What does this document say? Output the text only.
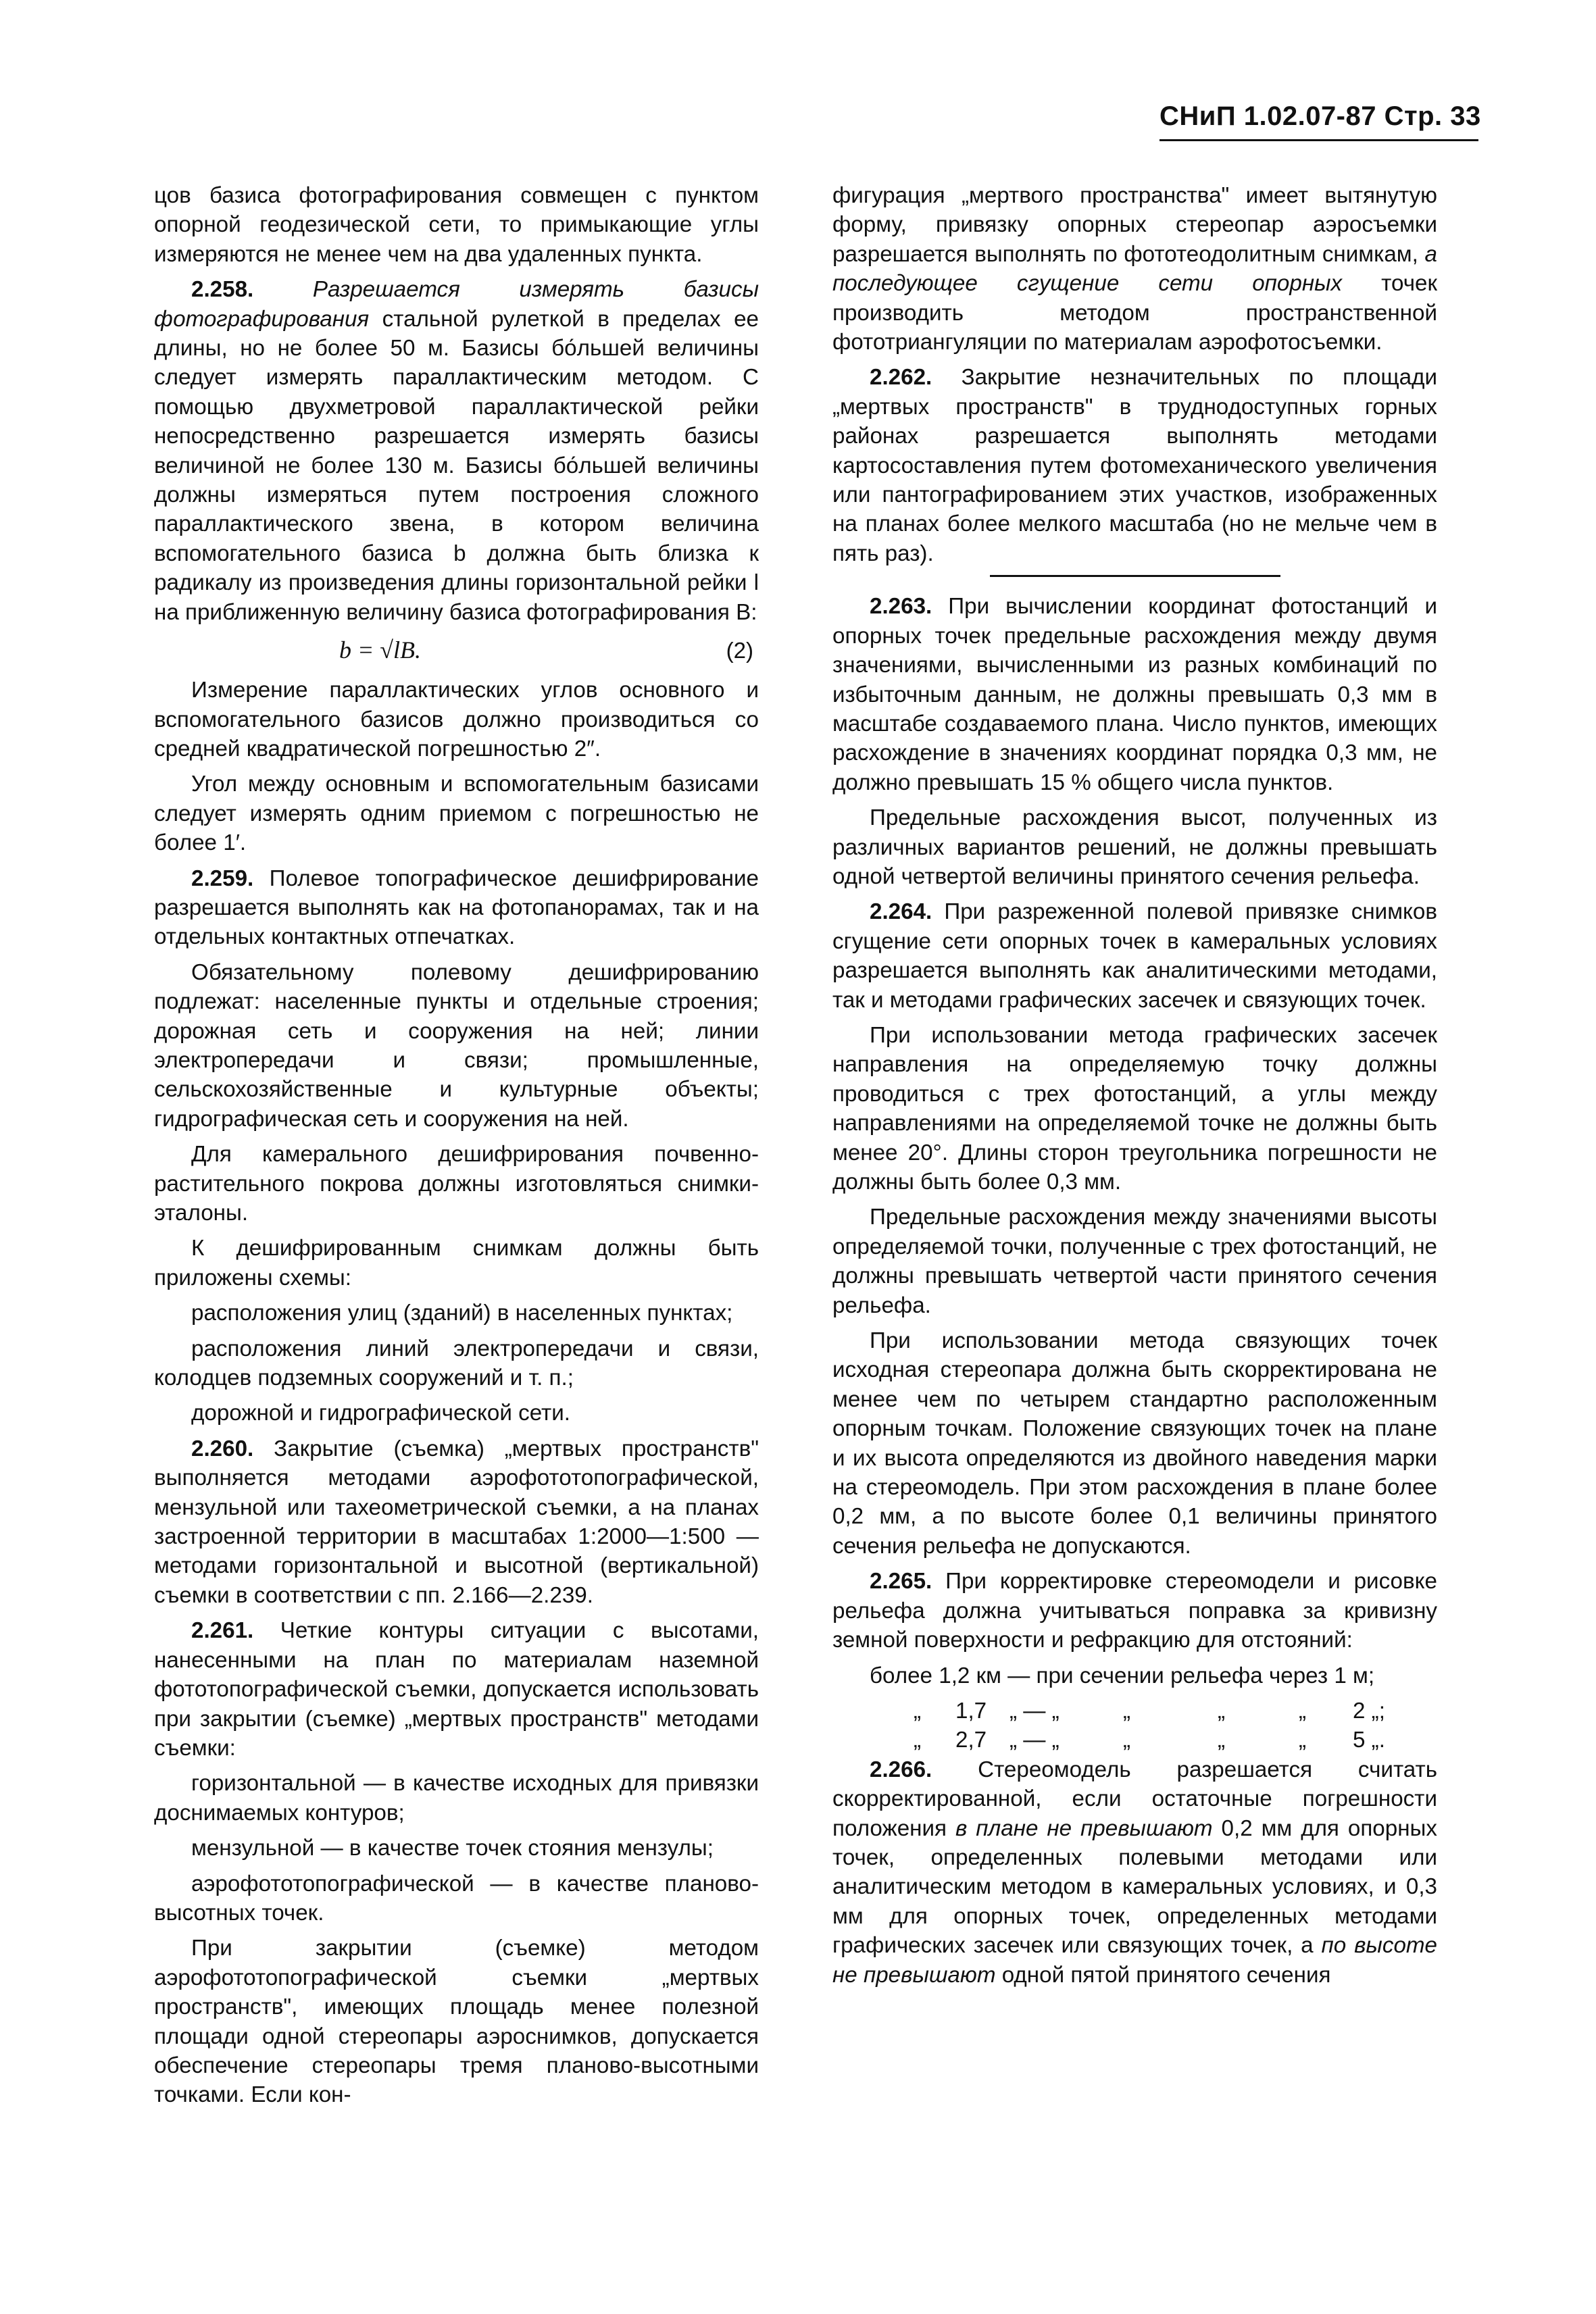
СНиП 1.02.07-87 Стр. 33

цов базиса фотографирования совмещен с пунктом опорной геодезической сети, то примыкающие углы измеряются не менее чем на два удаленных пункта.

2.258. Разрешается измерять базисы фотографирования стальной рулеткой в пределах ее длины, но не более 50 м. Базисы бо́льшей величины следует измерять параллактическим методом. С помощью двухметровой параллактической рейки непосредственно разрешается измерять базисы величиной не более 130 м. Базисы бо́льшей величины должны измеряться путем построения сложного параллактического звена, в котором величина вспомогательного базиса b должна быть близка к радикалу из произведения длины горизонтальной рейки l на приближенную величину базиса фотографирования B:

b = √lB.	(2)

Измерение параллактических углов основного и вспомогательного базисов должно производиться со средней квадратической погрешностью 2″.

Угол между основным и вспомогательным базисами следует измерять одним приемом с погрешностью не более 1′.

2.259. Полевое топографическое дешифрирование разрешается выполнять как на фотопанорамах, так и на отдельных контактных отпечатках.

Обязательному полевому дешифрированию подлежат: населенные пункты и отдельные строения; дорожная сеть и сооружения на ней; линии электропередачи и связи; промышленные, сельскохозяйственные и культурные объекты; гидрографическая сеть и сооружения на ней.

Для камерального дешифрирования почвенно-растительного покрова должны изготовляться снимки-эталоны.

К дешифрированным снимкам должны быть приложены схемы:

расположения улиц (зданий) в населенных пунктах;

расположения линий электропередачи и связи, колодцев подземных сооружений и т. п.;

дорожной и гидрографической сети.

2.260. Закрытие (съемка) „мертвых пространств" выполняется методами аэрофототопографической, мензульной или тахеометрической съемки, а на планах застроенной территории в масштабах 1:2000—1:500 — методами горизонтальной и высотной (вертикальной) съемки в соответствии с пп. 2.166—2.239.

2.261. Четкие контуры ситуации с высотами, нанесенными на план по материалам наземной фототопографической съемки, допускается использовать при закрытии (съемке) „мертвых пространств" методами съемки:

горизонтальной — в качестве исходных для привязки доснимаемых контуров;

мензульной — в качестве точек стояния мензулы;

аэрофототопографической — в качестве планово-высотных точек.

При закрытии (съемке) методом аэрофототопографической съемки „мертвых пространств", имеющих площадь менее полезной площади одной стереопары аэроснимков, допускается обеспечение стереопары тремя планово-высотными точками. Если кон-

фигурация „мертвого пространства" имеет вытянутую форму, привязку опорных стереопар аэросъемки разрешается выполнять по фототеодолитным снимкам, а последующее сгущение сети опорных точек производить методом пространственной фототриангуляции по материалам аэрофотосъемки.

2.262. Закрытие незначительных по площади „мертвых пространств" в труднодоступных горных районах разрешается выполнять методами картосоставления путем фотомеханического увеличения или пантографированием этих участков, изображенных на планах более мелкого масштаба (но не мельче чем в пять раз).

2.263. При вычислении координат фотостанций и опорных точек предельные расхождения между двумя значениями, вычисленными из разных комбинаций по избыточным данным, не должны превышать 0,3 мм в масштабе создаваемого плана. Число пунктов, имеющих расхождение в значениях координат порядка 0,3 мм, не должно превышать 15 % общего числа пунктов.

Предельные расхождения высот, полученных из различных вариантов решений, не должны превышать одной четвертой величины принятого сечения рельефа.

2.264. При разреженной полевой привязке снимков сгущение сети опорных точек в камеральных условиях разрешается выполнять как аналитическими методами, так и методами графических засечек и связующих точек.

При использовании метода графических засечек направления на определяемую точку должны проводиться с трех фотостанций, а углы между направлениями на определяемой точке не должны быть менее 20°. Длины сторон треугольника погрешности не должны быть более 0,3 мм.

Предельные расхождения между значениями высоты определяемой точки, полученные с трех фотостанций, не должны превышать четвертой части принятого сечения рельефа.

При использовании метода связующих точек исходная стереопара должна быть скорректирована не менее чем по четырем стандартно расположенным опорным точкам. Положение связующих точек на плане и их высота определяются из двойного наведения марки на стереомодель. При этом расхождения в плане более 0,2 мм, а по высоте более 0,1 величины принятого сечения рельефа не допускаются.

2.265. При корректировке стереомодели и рисовке рельефа должна учитываться поправка за кривизну земной поверхности и рефракцию для отстояний:

более 1,2 км — при сечении рельефа через 1 м;

„ 1,7 „ — „	„	„	„ 2 „;
„ 2,7 „ — „	„	„	„ 5 „.

2.266. Стереомодель разрешается считать скорректированной, если остаточные погрешности положения в плане не превышают 0,2 мм для опорных точек, определенных полевыми методами или аналитическим методом в камеральных условиях, и 0,3 мм для опорных точек, определенных методами графических засечек или связующих точек, а по высоте не превышают одной пятой принятого сечения
